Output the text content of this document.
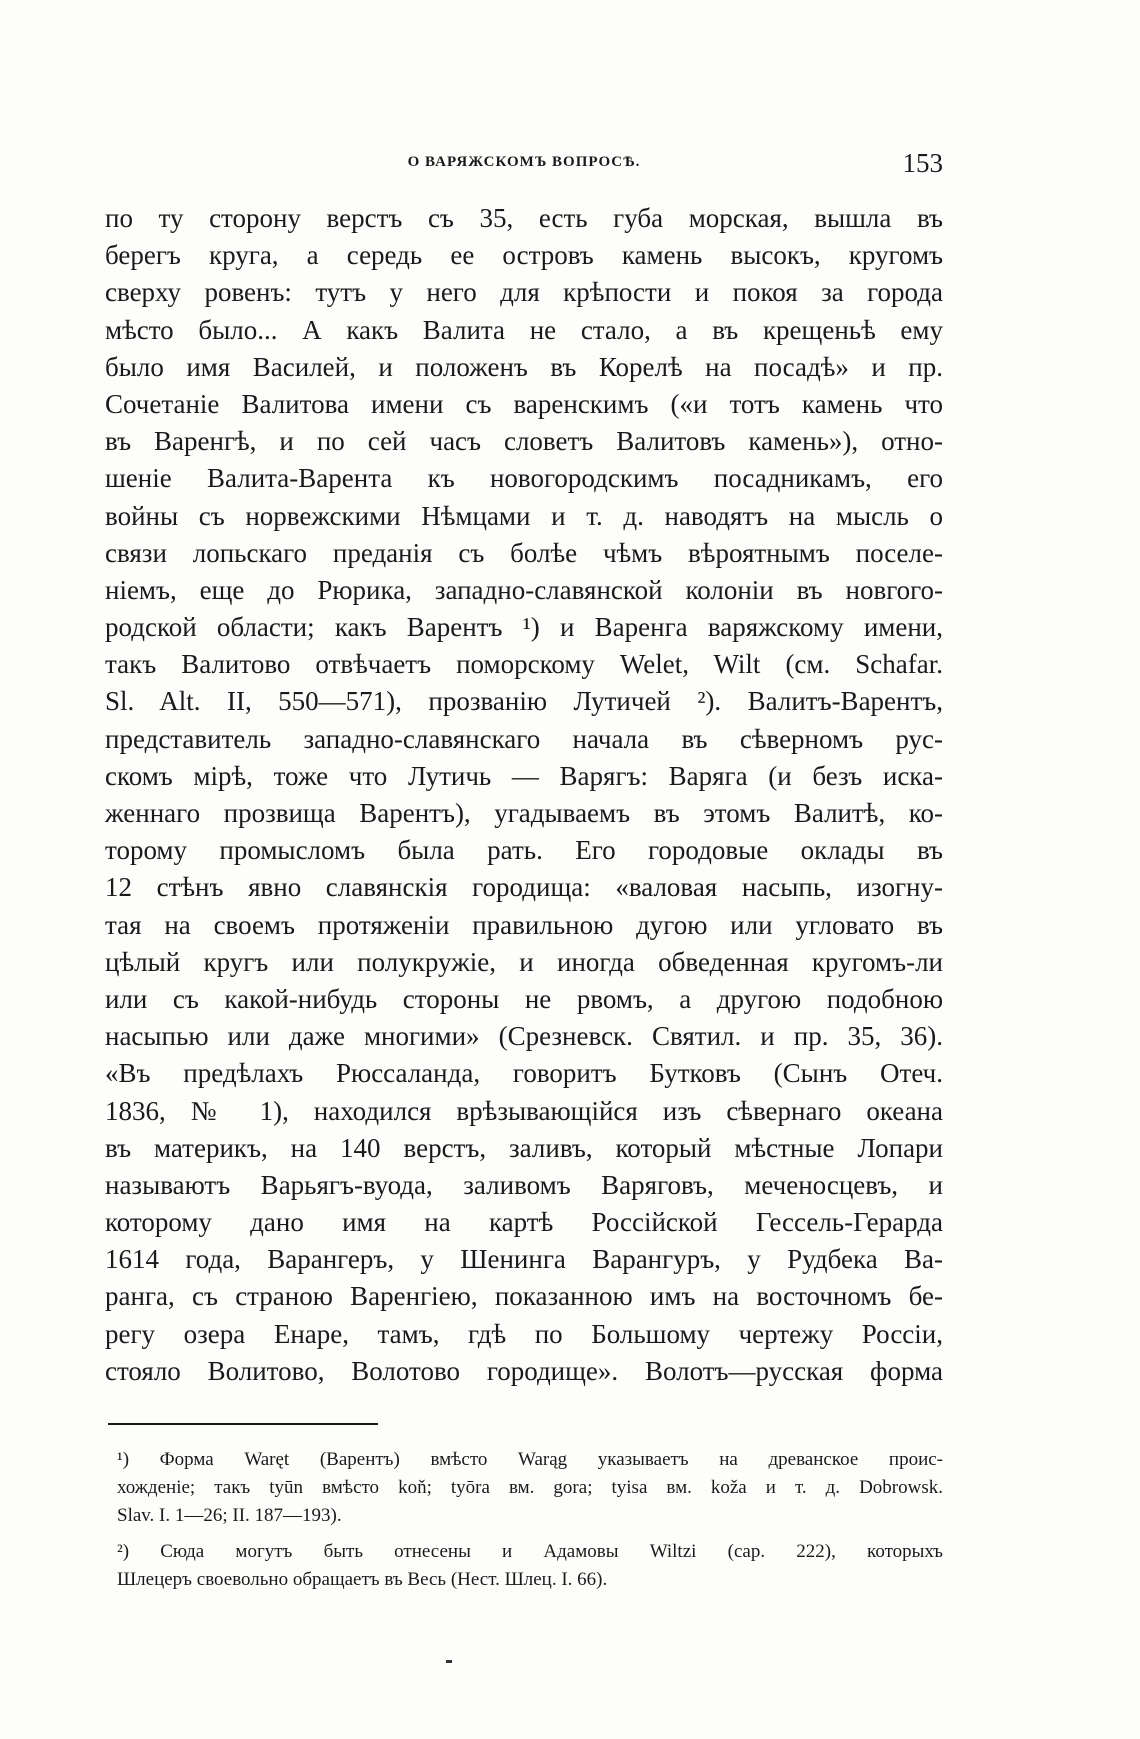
О ВАРЯЖСКОМЪ ВОПРОСѢ.	153
по ту сторону верстъ съ 35, есть губа морская, вышла въ
берегъ круга, а середь ее островъ камень высокъ, кругомъ
сверху ровенъ: тутъ у него для крѣпости и покоя за города
мѣсто было... А какъ Валита не стало, а въ крещеньѣ ему
было имя Василей, и положенъ въ Корелѣ на посадѣ» и пр.
Сочетаніе Валитова имени съ варенскимъ («и тотъ камень что
въ Варенгѣ, и по сей часъ словетъ Валитовъ камень»), отно-
шеніе Валита-Варента къ новогородскимъ посадникамъ, его
войны съ норвежскими Нѣмцами и т. д. наводятъ на мысль о
связи лопьскаго преданія съ болѣе чѣмъ вѣроятнымъ поселе-
ніемъ, еще до Рюрика, западно-славянской колоніи въ новгого-
родской области; какъ Варентъ ¹) и Варенга варяжскому имени,
такъ Валитово отвѣчаетъ поморскому Welet, Wilt (см. Schafar.
Sl. Alt. II, 550—571), прозванію Лутичей ²). Валитъ-Варентъ,
представитель западно-славянскаго начала въ сѣверномъ рус-
скомъ мірѣ, тоже что Лутичь — Варягъ: Варяга (и безъ иска-
женнаго прозвища Варентъ), угадываемъ въ этомъ Валитѣ, ко-
торому промысломъ была рать. Его городовые оклады въ
12 стѣнъ явно славянскія городища: «валовая насыпь, изогну-
тая на своемъ протяженіи правильною дугою или угловато въ
цѣлый кругъ или полукружіе, и иногда обведенная кругомъ-ли
или съ какой-нибудь стороны не рвомъ, а другою подобною
насыпью или даже многими» (Срезневск. Святил. и пр. 35, 36).
«Въ предѣлахъ Рюссаланда, говоритъ Бутковъ (Сынъ Отеч.
1836, № 1), находился врѣзывающійся изъ сѣвернаго океана
въ материкъ, на 140 верстъ, заливъ, который мѣстные Лопари
называютъ Варьягъ-вуода, заливомъ Варяговъ, меченосцевъ, и
которому дано имя на картѣ Россійской Гессель-Герарда
1614 года, Варангеръ, у Шенинга Варангуръ, у Рудбека Ва-
ранга, съ страною Варенгіею, показанною имъ на восточномъ бе-
регу озера Енаре, тамъ, гдѣ по Большому чертежу Россіи,
стояло Волитово, Волотово городище». Волотъ—русская форма
¹) Форма Waręt (Варентъ) вмѣсто Warąg указываетъ на древанское проис-
хожденіе; такъ tyūn вмѣсто koň; tyōra вм. gora; tyisa вм. koža и т. д. Dobrowsk.
Slav. I. 1—26; II. 187—193).
²) Сюда могутъ быть отнесены и Адамовы Wiltzi (cap. 222), которыхъ
Шлецеръ своевольно обращаетъ въ Весь (Нест. Шлец. I. 66).
